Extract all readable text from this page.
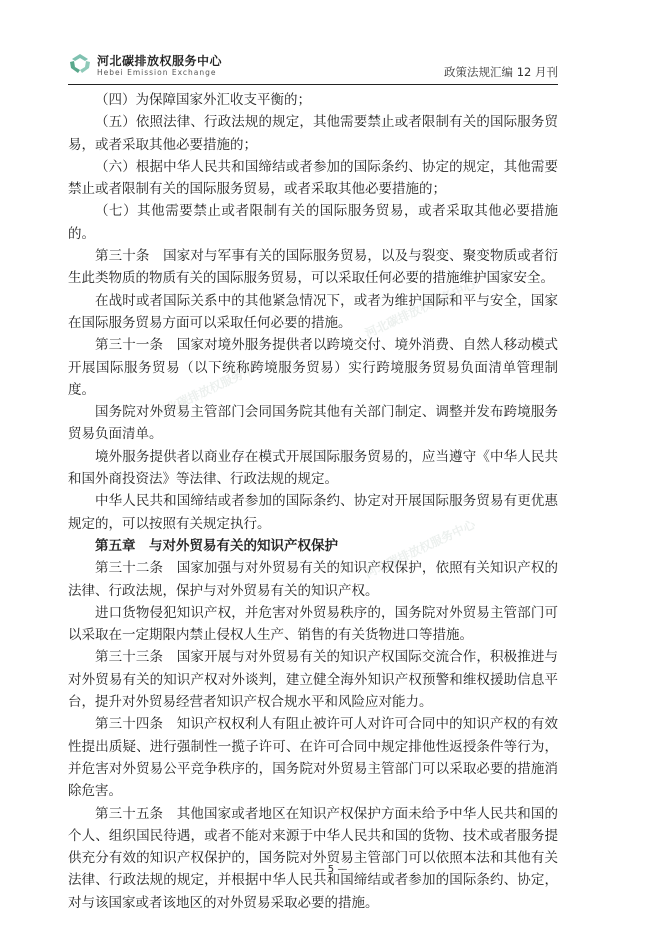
河北碳排放权服务中心
Hebei Emission Exchange	政策法规汇编 12 月刊
河北碳排放权服务中心
河北碳排放权服务中心
河北碳排放权服务中心

（四）为保障国家外汇收支平衡的；

（五）依照法律、行政法规的规定，其他需要禁止或者限制有关的国际服务贸易，或者采取其他必要措施的；

（六）根据中华人民共和国缔结或者参加的国际条约、协定的规定，其他需要禁止或者限制有关的国际服务贸易，或者采取其他必要措施的；

（七）其他需要禁止或者限制有关的国际服务贸易，或者采取其他必要措施的。

第三十条　国家对与军事有关的国际服务贸易，以及与裂变、聚变物质或者衍生此类物质的物质有关的国际服务贸易，可以采取任何必要的措施维护国家安全。

在战时或者国际关系中的其他紧急情况下，或者为维护国际和平与安全，国家在国际服务贸易方面可以采取任何必要的措施。

第三十一条　国家对境外服务提供者以跨境交付、境外消费、自然人移动模式开展国际服务贸易（以下统称跨境服务贸易）实行跨境服务贸易负面清单管理制度。

国务院对外贸易主管部门会同国务院其他有关部门制定、调整并发布跨境服务贸易负面清单。

境外服务提供者以商业存在模式开展国际服务贸易的，应当遵守《中华人民共和国外商投资法》等法律、行政法规的规定。

中华人民共和国缔结或者参加的国际条约、协定对开展国际服务贸易有更优惠规定的，可以按照有关规定执行。

第五章　与对外贸易有关的知识产权保护

第三十二条　国家加强与对外贸易有关的知识产权保护，依照有关知识产权的法律、行政法规，保护与对外贸易有关的知识产权。

进口货物侵犯知识产权，并危害对外贸易秩序的，国务院对外贸易主管部门可以采取在一定期限内禁止侵权人生产、销售的有关货物进口等措施。

第三十三条　国家开展与对外贸易有关的知识产权国际交流合作，积极推进与对外贸易有关的知识产权对外谈判，建立健全海外知识产权预警和维权援助信息平台，提升对外贸易经营者知识产权合规水平和风险应对能力。

第三十四条　知识产权权利人有阻止被许可人对许可合同中的知识产权的有效性提出质疑、进行强制性一揽子许可、在许可合同中规定排他性返授条件等行为，并危害对外贸易公平竞争秩序的，国务院对外贸易主管部门可以采取必要的措施消除危害。

第三十五条　其他国家或者地区在知识产权保护方面未给予中华人民共和国的个人、组织国民待遇，或者不能对来源于中华人民共和国的货物、技术或者服务提供充分有效的知识产权保护的，国务院对外贸易主管部门可以依照本法和其他有关法律、行政法规的规定，并根据中华人民共和国缔结或者参加的国际条约、协定，对与该国家或者该地区的对外贸易采取必要的措施。

— 5 —
